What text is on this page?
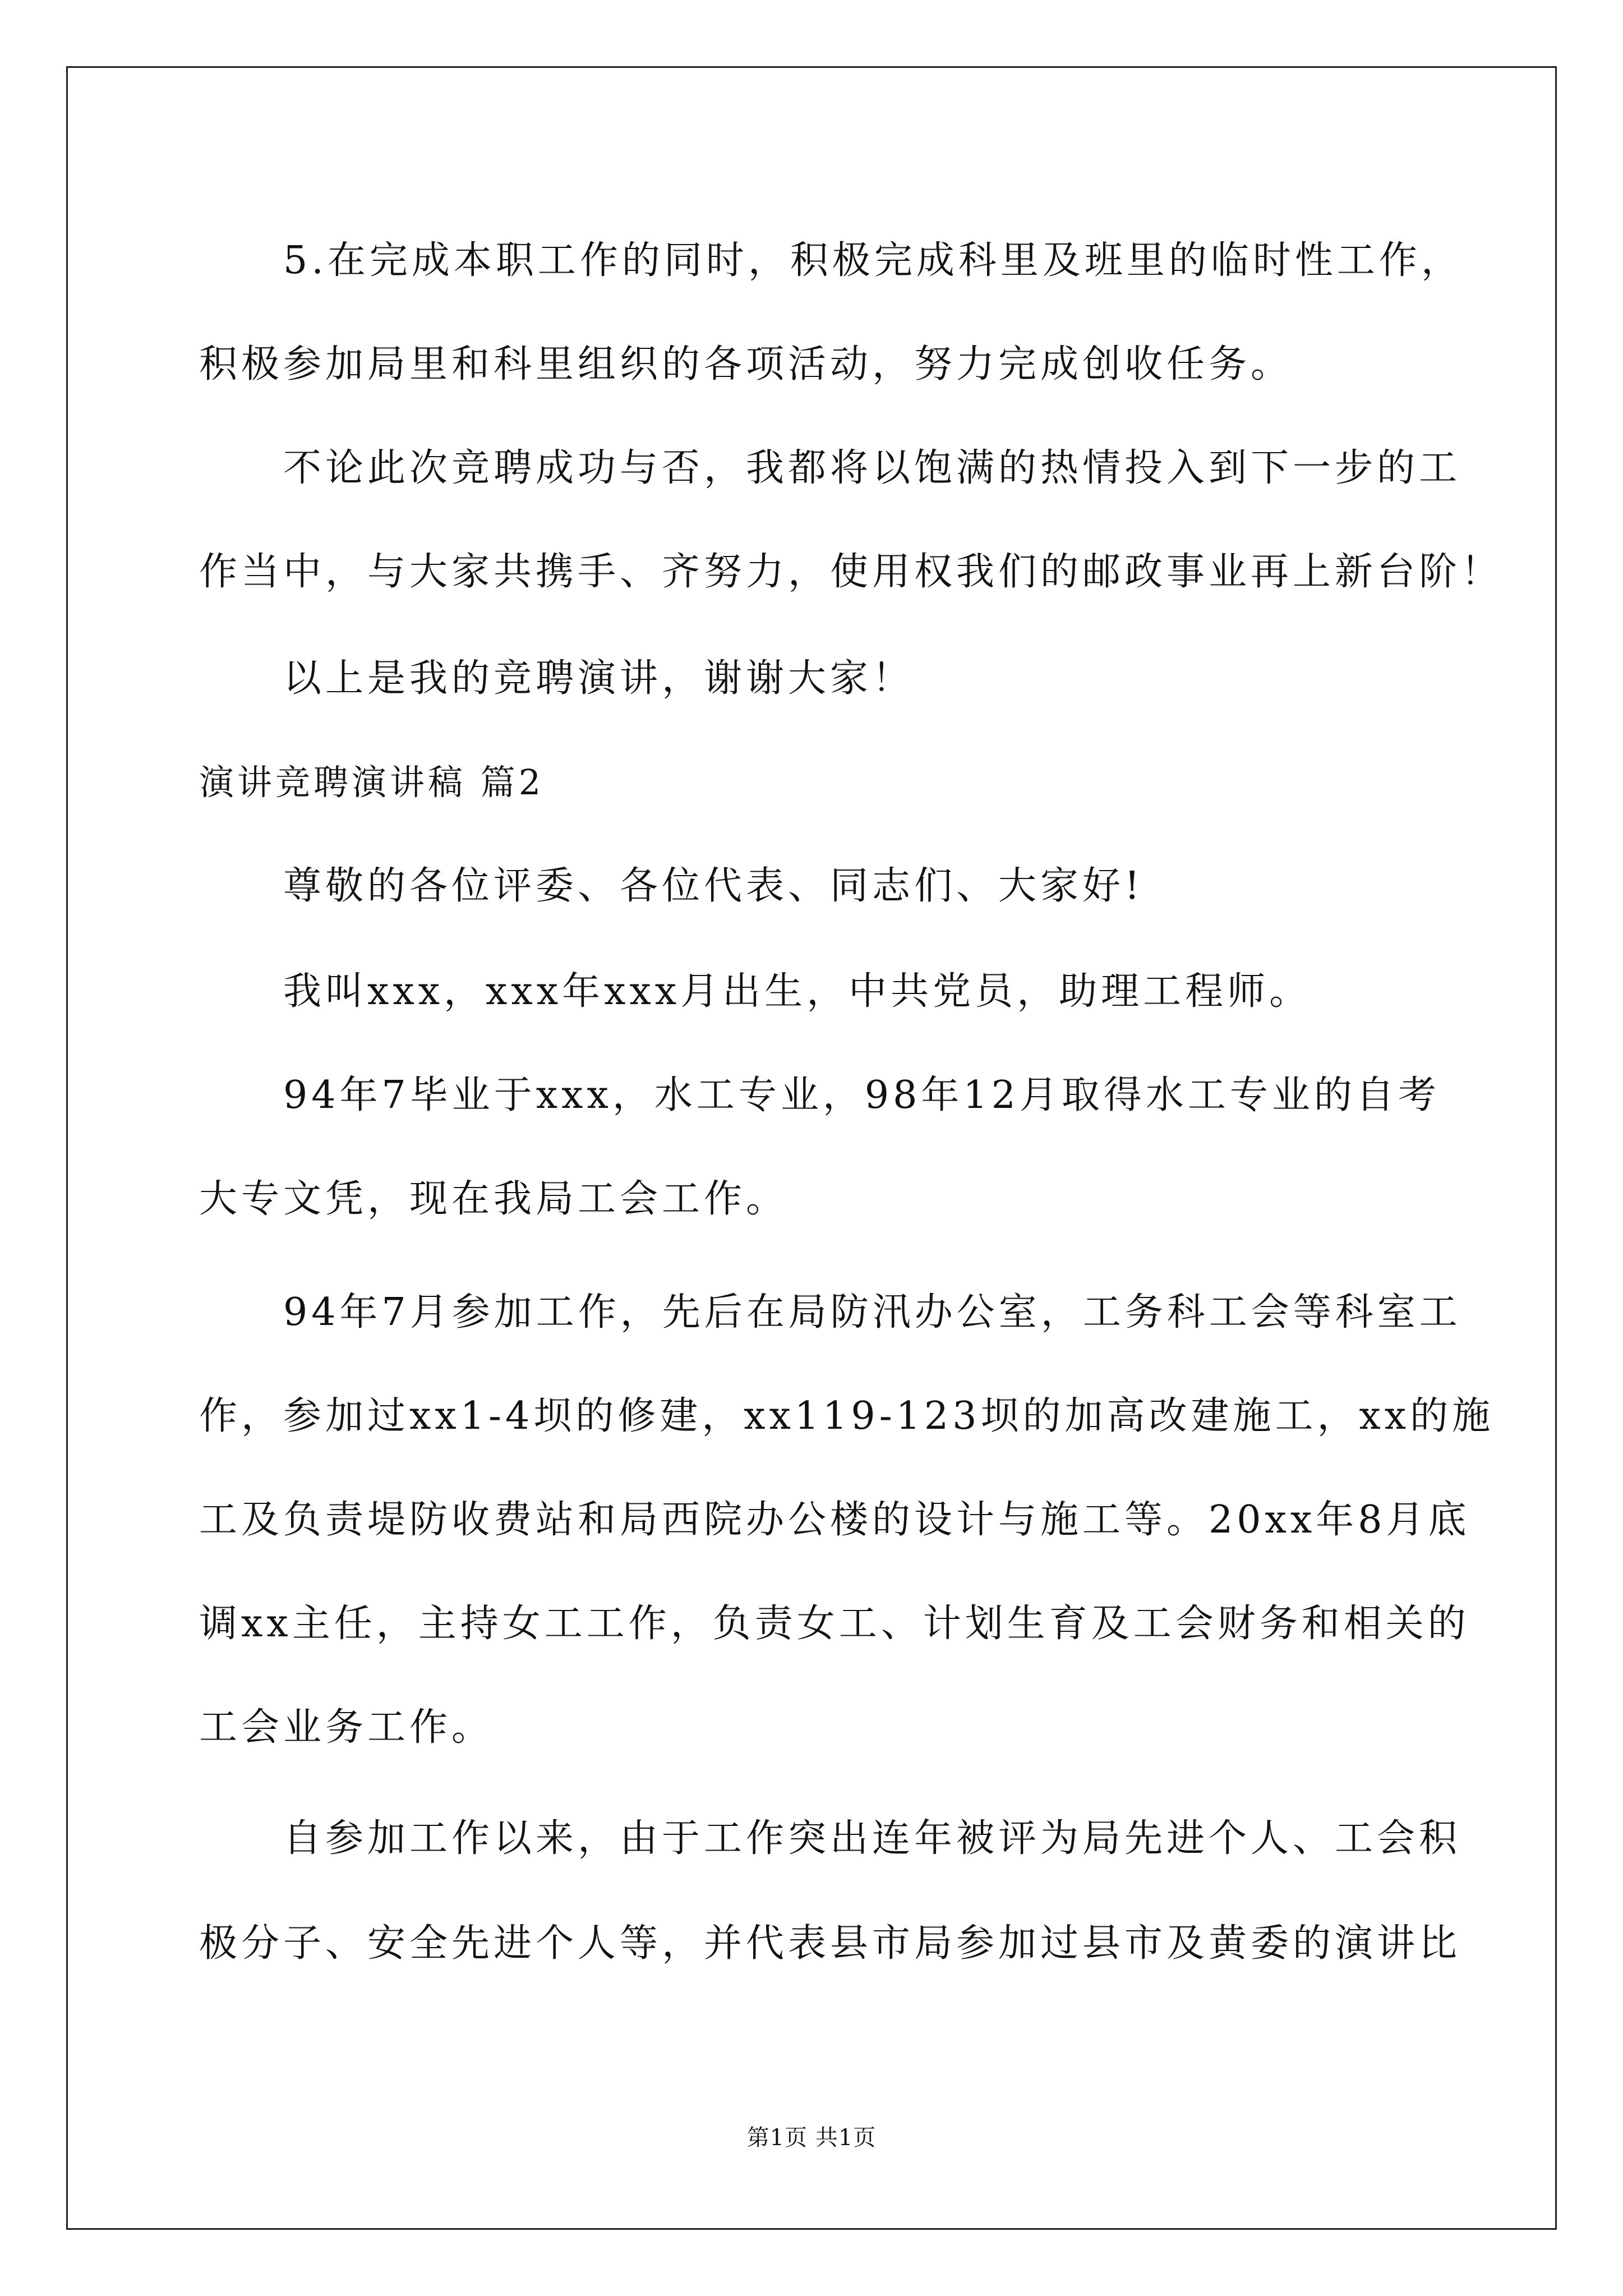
5.在完成本职工作的同时，积极完成科里及班里的临时性工作，
积极参加局里和科里组织的各项活动，努力完成创收任务。
不论此次竞聘成功与否，我都将以饱满的热情投入到下一步的工
作当中，与大家共携手、齐努力，使用权我们的邮政事业再上新台阶！
以上是我的竞聘演讲，谢谢大家！
演讲竞聘演讲稿 篇2
尊敬的各位评委、各位代表、同志们、大家好!
我叫xxx，xxx年xxx月出生，中共党员，助理工程师。
94年7毕业于xxx，水工专业，98年12月取得水工专业的自考
大专文凭，现在我局工会工作。
94年7月参加工作，先后在局防汛办公室，工务科工会等科室工
作，参加过xx1-4坝的修建，xx119-123坝的加高改建施工，xx的施
工及负责堤防收费站和局西院办公楼的设计与施工等。20xx年8月底
调xx主任，主持女工工作，负责女工、计划生育及工会财务和相关的
工会业务工作。
自参加工作以来，由于工作突出连年被评为局先进个人、工会积
极分子、安全先进个人等，并代表县市局参加过县市及黄委的演讲比
第1页 共1页
